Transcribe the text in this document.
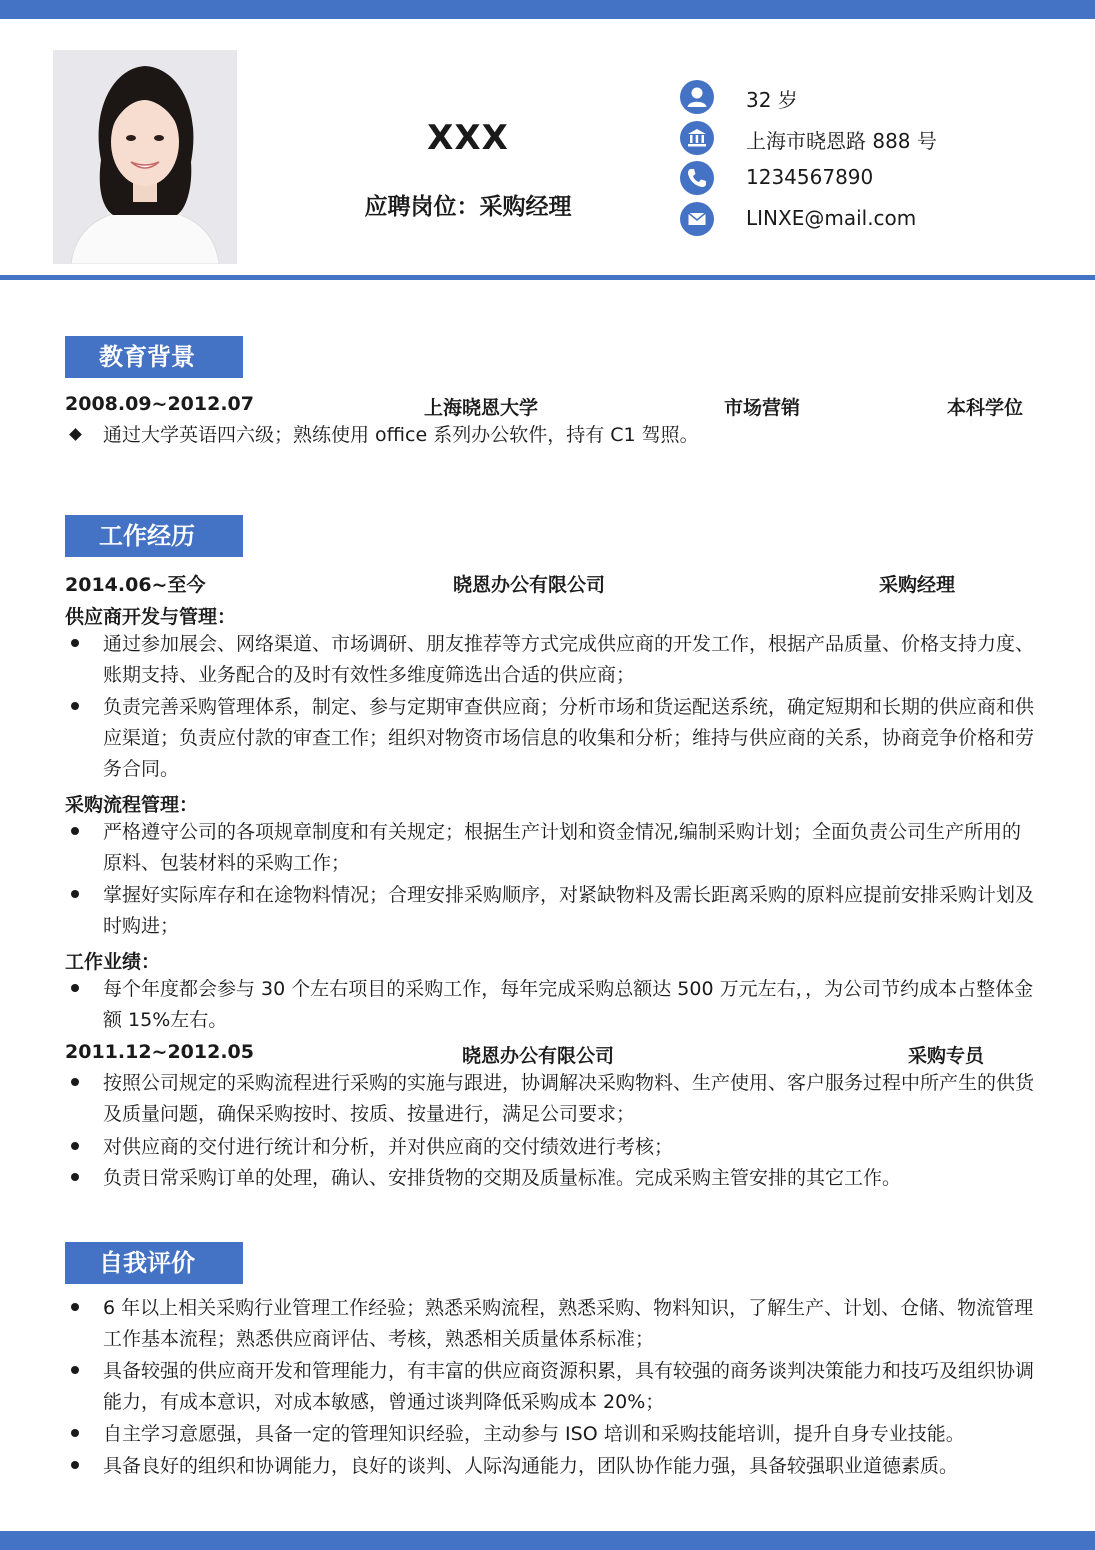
XXX
应聘岗位：采购经理
32 岁
上海市晓恩路 888 号
1234567890
LINXE@mail.com
教育背景
2008.09~2012.07	上海晓恩大学	市场营销	本科学位
通过大学英语四六级；熟练使用 office 系列办公软件，持有 C1 驾照。
工作经历
2014.06~至今	晓恩办公有限公司	采购经理
供应商开发与管理：
通过参加展会、网络渠道、市场调研、朋友推荐等方式完成供应商的开发工作，根据产品质量、价格支持力度、账期支持、业务配合的及时有效性多维度筛选出合适的供应商；
负责完善采购管理体系，制定、参与定期审查供应商；分析市场和货运配送系统，确定短期和长期的供应商和供应渠道；负责应付款的审查工作；组织对物资市场信息的收集和分析；维持与供应商的关系，协商竞争价格和劳务合同。
采购流程管理：
严格遵守公司的各项规章制度和有关规定；根据生产计划和资金情况,编制采购计划；全面负责公司生产所用的原料、包装材料的采购工作；
掌握好实际库存和在途物料情况；合理安排采购顺序，对紧缺物料及需长距离采购的原料应提前安排采购计划及时购进；
工作业绩：
每个年度都会参与 30 个左右项目的采购工作，每年完成采购总额达 500 万元左右，，为公司节约成本占整体金额 15%左右。
2011.12~2012.05	晓恩办公有限公司	采购专员
按照公司规定的采购流程进行采购的实施与跟进，协调解决采购物料、生产使用、客户服务过程中所产生的供货及质量问题，确保采购按时、按质、按量进行，满足公司要求；
对供应商的交付进行统计和分析，并对供应商的交付绩效进行考核；
负责日常采购订单的处理，确认、安排货物的交期及质量标准。完成采购主管安排的其它工作。
自我评价
6 年以上相关采购行业管理工作经验；熟悉采购流程，熟悉采购、物料知识，了解生产、计划、仓储、物流管理工作基本流程；熟悉供应商评估、考核，熟悉相关质量体系标准；
具备较强的供应商开发和管理能力，有丰富的供应商资源积累，具有较强的商务谈判决策能力和技巧及组织协调能力，有成本意识，对成本敏感，曾通过谈判降低采购成本 20%；
自主学习意愿强，具备一定的管理知识经验，主动参与 ISO 培训和采购技能培训，提升自身专业技能。
具备良好的组织和协调能力，良好的谈判、人际沟通能力，团队协作能力强，具备较强职业道德素质。
